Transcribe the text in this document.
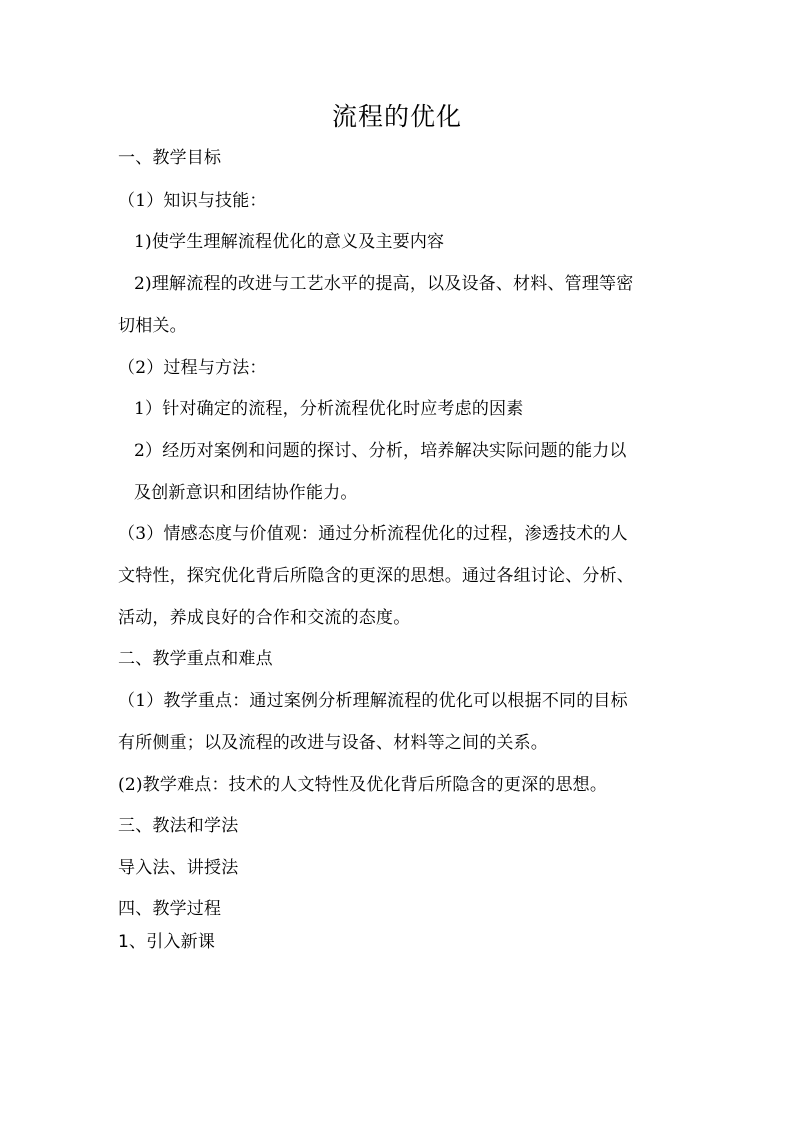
流程的优化
一、教学目标
（1）知识与技能：
1)使学生理解流程优化的意义及主要内容
2)理解流程的改进与工艺水平的提高，以及设备、材料、管理等密
切相关。
（2）过程与方法：
1）针对确定的流程，分析流程优化时应考虑的因素
2）经历对案例和问题的探讨、分析，培养解决实际问题的能力以
及创新意识和团结协作能力。
（3）情感态度与价值观：通过分析流程优化的过程，渗透技术的人
文特性，探究优化背后所隐含的更深的思想。通过各组讨论、分析、
活动，养成良好的合作和交流的态度。
二、教学重点和难点
（1）教学重点：通过案例分析理解流程的优化可以根据不同的目标
有所侧重；以及流程的改进与设备、材料等之间的关系。
(2)教学难点：技术的人文特性及优化背后所隐含的更深的思想。
三、教法和学法
导入法、讲授法
四、教学过程
1、引入新课
